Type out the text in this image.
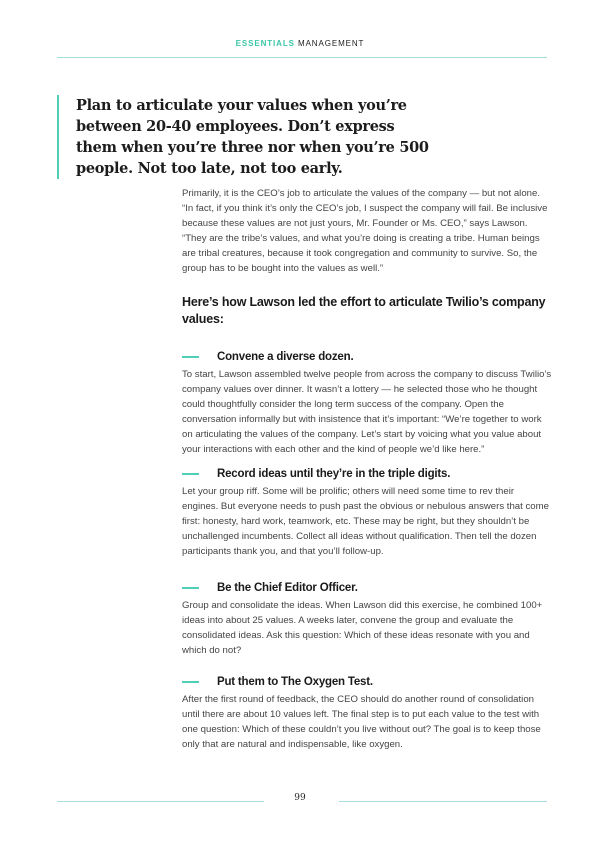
ESSENTIALS MANAGEMENT

Plan to articulate your values when you’re between 20-40 employees. Don’t express them when you’re three nor when you’re 500 people. Not too late, not too early.

Primarily, it is the CEO’s job to articulate the values of the company — but not alone. “In fact, if you think it’s only the CEO’s job, I suspect the company will fail. Be inclusive because these values are not just yours, Mr. Founder or Ms. CEO,” says Lawson. “They are the tribe’s values, and what you’re doing is creating a tribe. Human beings are tribal creatures, because it took congregation and community to survive. So, the group has to be bought into the values as well.”

Here’s how Lawson led the effort to articulate Twilio’s company values:
Convene a diverse dozen.

To start, Lawson assembled twelve people from across the company to discuss Twilio’s company values over dinner. It wasn’t a lottery — he selected those who he thought could thoughtfully consider the long term success of the company. Open the conversation informally but with insistence that it’s important: “We’re together to work on articulating the values of the company. Let’s start by voicing what you value about your interactions with each other and the kind of people we’d like here.”

Record ideas until they’re in the triple digits.

Let your group riff. Some will be prolific; others will need some time to rev their engines. But everyone needs to push past the obvious or nebulous answers that come first: honesty, hard work, teamwork, etc. These may be right, but they shouldn’t be unchallenged incumbents. Collect all ideas without qualification. Then tell the dozen participants thank you, and that you’ll follow-up.

Be the Chief Editor Officer.

Group and consolidate the ideas. When Lawson did this exercise, he combined 100+ ideas into about 25 values. A weeks later, convene the group and evaluate the consolidated ideas. Ask this question: Which of these ideas resonate with you and which do not?

Put them to The Oxygen Test.

After the first round of feedback, the CEO should do another round of consolidation until there are about 10 values left. The final step is to put each value to the test with one question: Which of these couldn’t you live without out? The goal is to keep those only that are natural and indispensable, like oxygen.

99
